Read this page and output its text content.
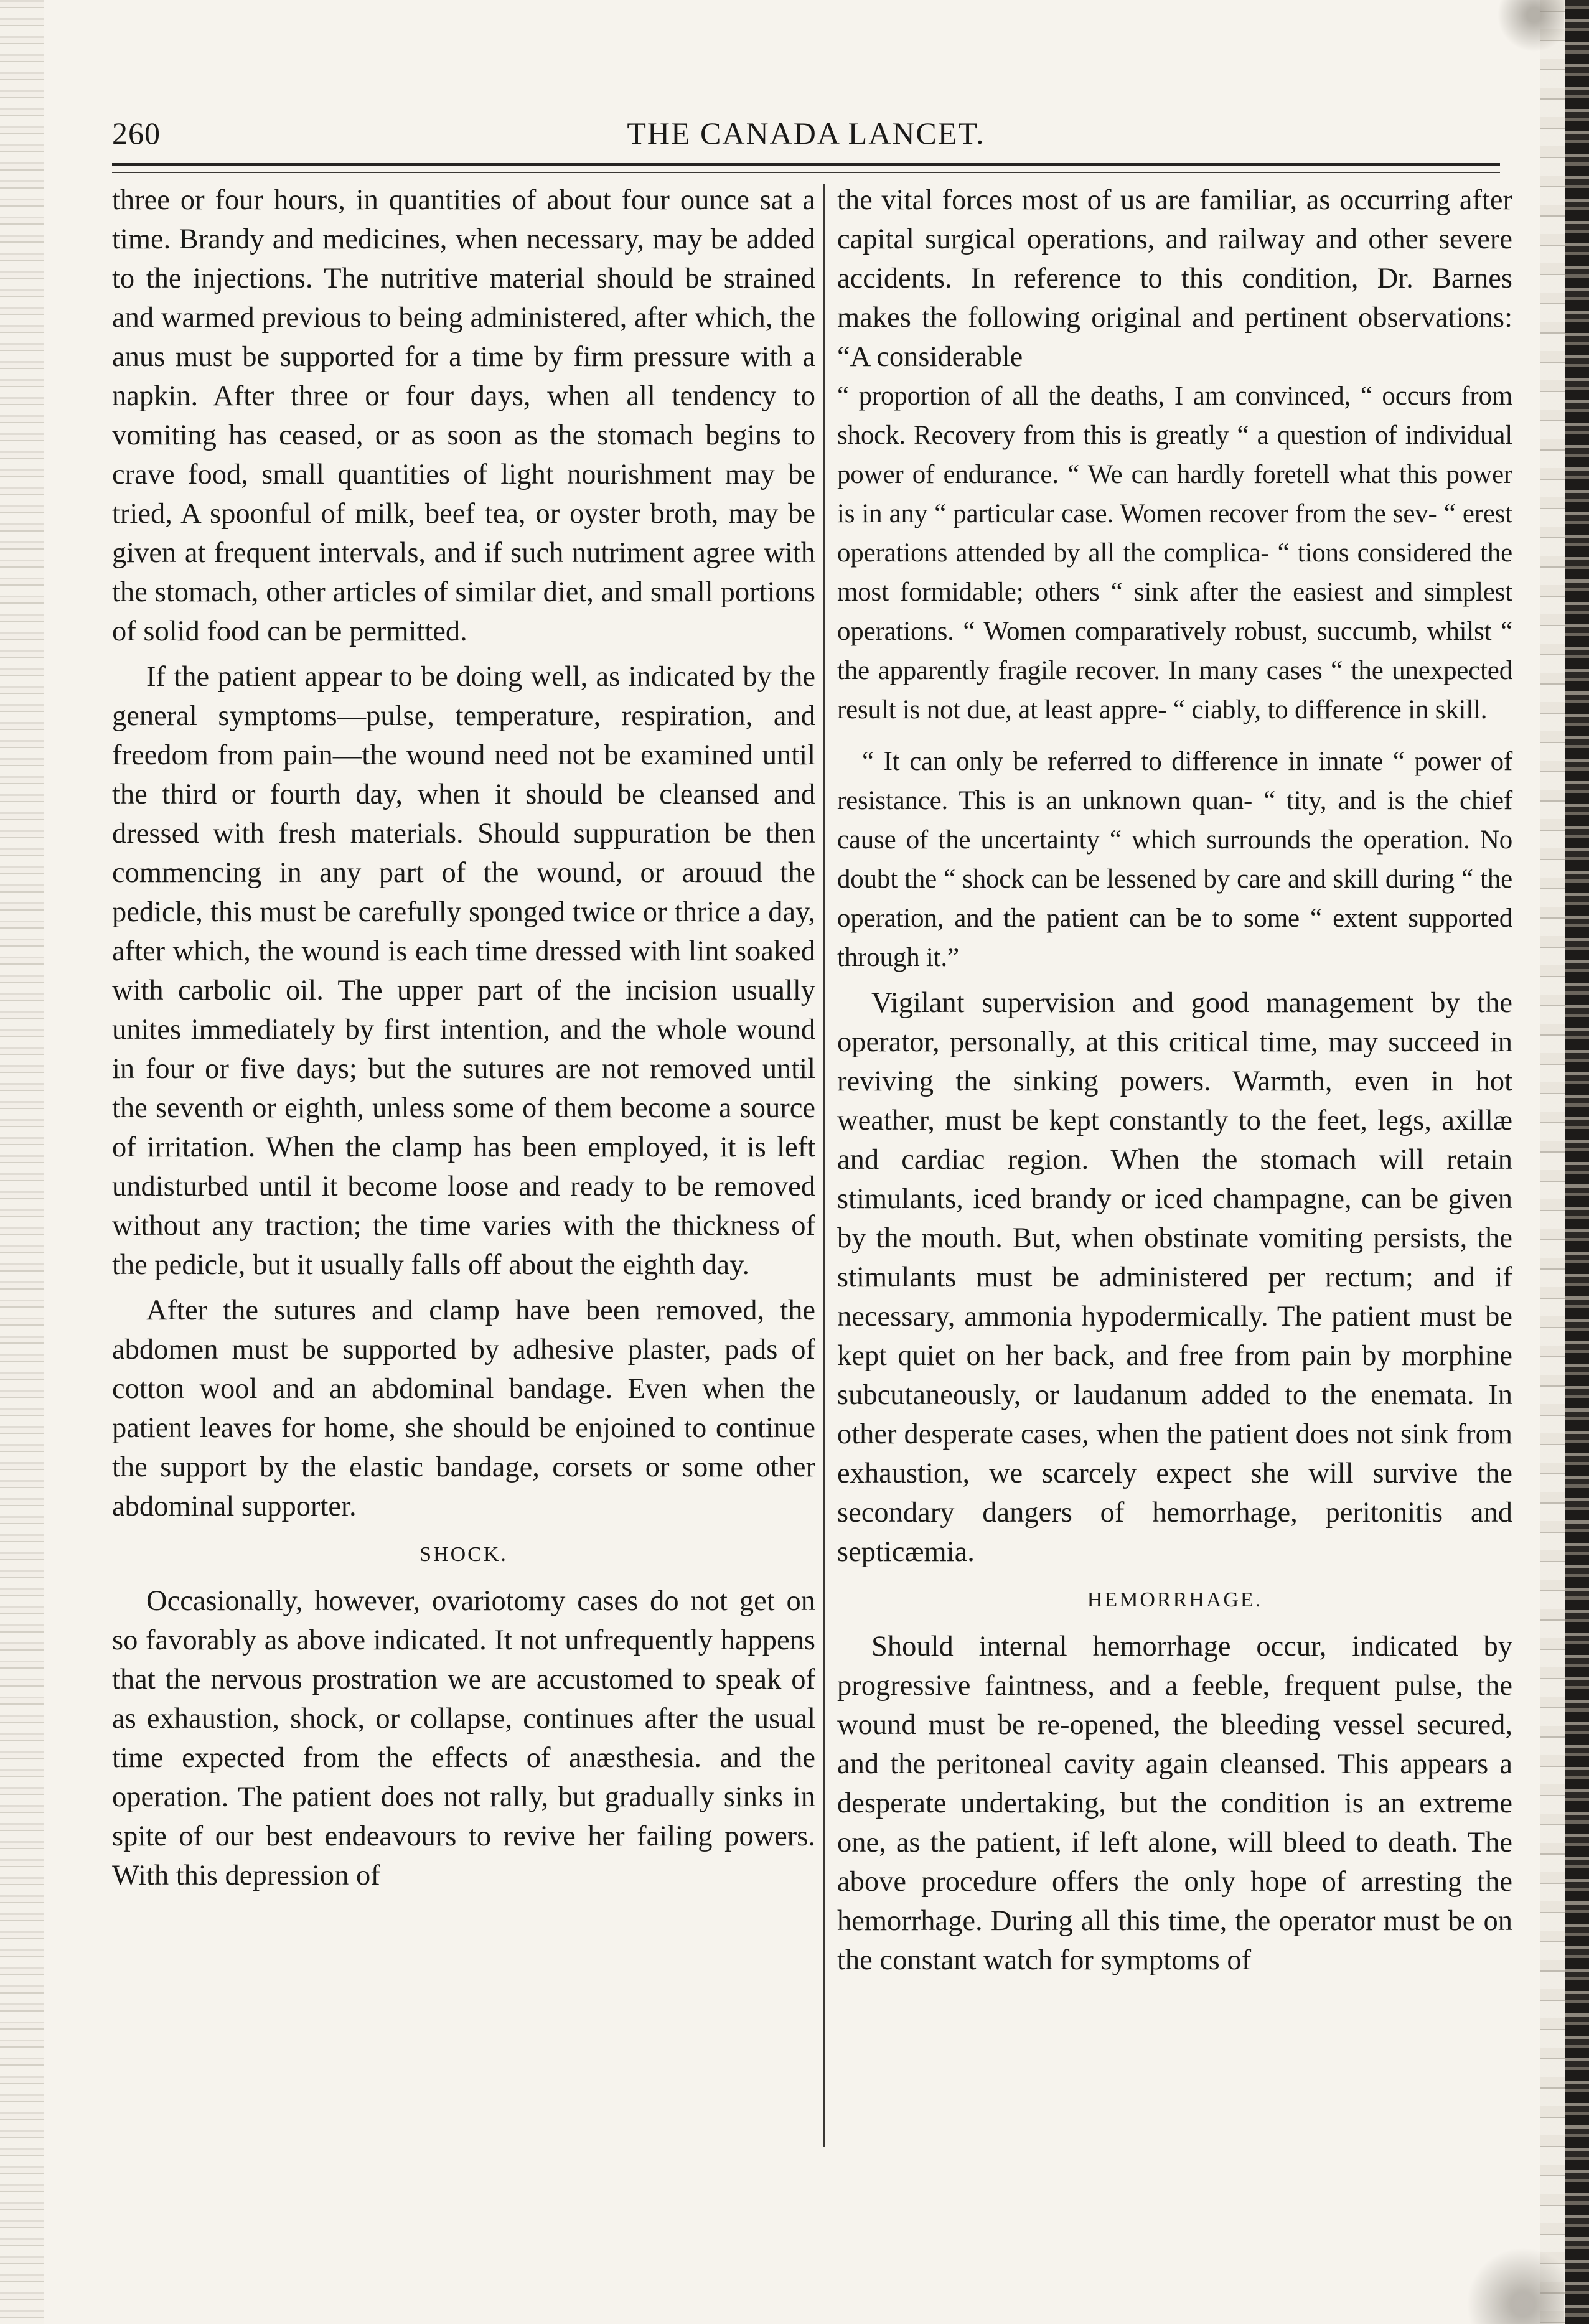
260	THE CANADA LANCET.

three or four hours, in quantities of about four ounce sat a time. Brandy and medicines, when necessary, may be added to the injections. The nutritive material should be strained and warmed previous to being administered, after which, the anus must be supported for a time by firm pressure with a napkin. After three or four days, when all tendency to vomiting has ceased, or as soon as the stomach begins to crave food, small quantities of light nourishment may be tried, A spoonful of milk, beef tea, or oyster broth, may be given at frequent intervals, and if such nutriment agree with the stomach, other articles of similar diet, and small portions of solid food can be permitted.

If the patient appear to be doing well, as indicated by the general symptoms—pulse, temperature, respiration, and freedom from pain—the wound need not be examined until the third or fourth day, when it should be cleansed and dressed with fresh materials. Should suppuration be then commencing in any part of the wound, or arouud the pedicle, this must be carefully sponged twice or thrice a day, after which, the wound is each time dressed with lint soaked with carbolic oil. The upper part of the incision usually unites immediately by first intention, and the whole wound in four or five days; but the sutures are not removed until the seventh or eighth, unless some of them become a source of irritation. When the clamp has been employed, it is left undisturbed until it become loose and ready to be removed without any traction; the time varies with the thickness of the pedicle, but it usually falls off about the eighth day.

After the sutures and clamp have been removed, the abdomen must be supported by adhesive plaster, pads of cotton wool and an abdominal bandage. Even when the patient leaves for home, she should be enjoined to continue the support by the elastic bandage, corsets or some other abdominal supporter.

SHOCK.

Occasionally, however, ovariotomy cases do not get on so favorably as above indicated. It not unfrequently happens that the nervous prostration we are accustomed to speak of as exhaustion, shock, or collapse, continues after the usual time expected from the effects of anæsthesia. and the operation. The patient does not rally, but gradually sinks in spite of our best endeavours to revive her failing powers. With this depression of

the vital forces most of us are familiar, as occurring after capital surgical operations, and railway and other severe accidents. In reference to this condition, Dr. Barnes makes the following original and pertinent observations: “A considerable

“ proportion of all the deaths, I am convinced, “ occurs from shock. Recovery from this is greatly “ a question of individual power of endurance. “ We can hardly foretell what this power is in any “ particular case. Women recover from the sev- “ erest operations attended by all the complica- “ tions considered the most formidable; others “ sink after the easiest and simplest operations. “ Women comparatively robust, succumb, whilst “ the apparently fragile recover. In many cases “ the unexpected result is not due, at least appre- “ ciably, to difference in skill.

“ It can only be referred to difference in innate “ power of resistance. This is an unknown quan- “ tity, and is the chief cause of the uncertainty “ which surrounds the operation. No doubt the “ shock can be lessened by care and skill during “ the operation, and the patient can be to some “ extent supported through it.”

Vigilant supervision and good management by the operator, personally, at this critical time, may succeed in reviving the sinking powers. Warmth, even in hot weather, must be kept constantly to the feet, legs, axillæ and cardiac region. When the stomach will retain stimulants, iced brandy or iced champagne, can be given by the mouth. But, when obstinate vomiting persists, the stimulants must be administered per rectum; and if necessary, ammonia hypodermically. The patient must be kept quiet on her back, and free from pain by morphine subcutaneously, or laudanum added to the enemata. In other desperate cases, when the patient does not sink from exhaustion, we scarcely expect she will survive the secondary dangers of hemorrhage, peritonitis and septicæmia.

HEMORRHAGE.

Should internal hemorrhage occur, indicated by progressive faintness, and a feeble, frequent pulse, the wound must be re-opened, the bleeding vessel secured, and the peritoneal cavity again cleansed. This appears a desperate undertaking, but the condition is an extreme one, as the patient, if left alone, will bleed to death. The above procedure offers the only hope of arresting the hemorrhage. During all this time, the operator must be on the constant watch for symptoms of
